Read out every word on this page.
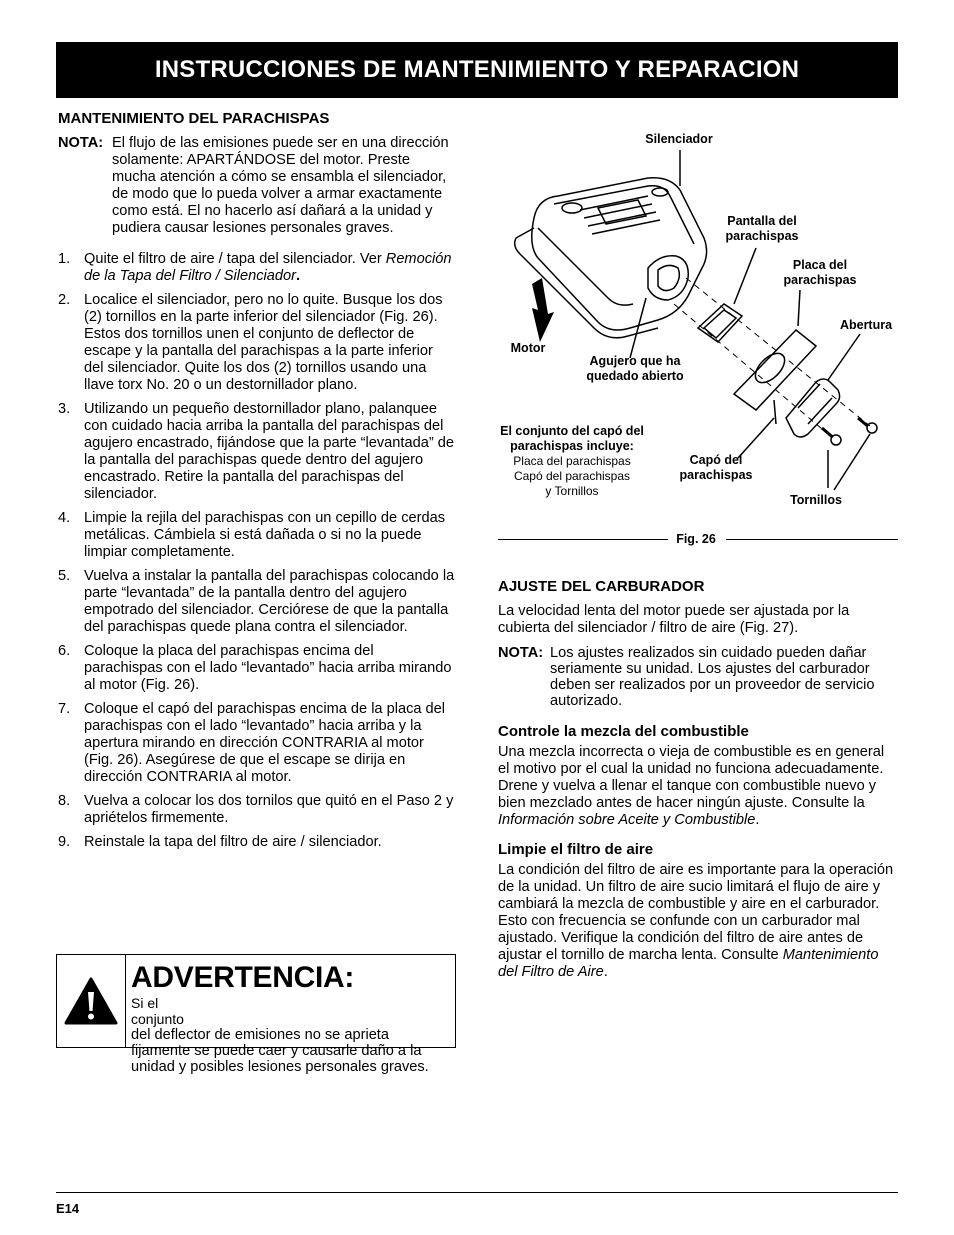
INSTRUCCIONES DE MANTENIMIENTO Y REPARACION
MANTENIMIENTO DEL PARACHISPAS
NOTA: El flujo de las emisiones puede ser en una dirección solamente: APARTÁNDOSE del motor. Preste mucha atención a cómo se ensambla el silenciador, de modo que lo pueda volver a armar exactamente como está. El no hacerlo así dañará a la unidad y pudiera causar lesiones personales graves.
1. Quite el filtro de aire / tapa del silenciador. Ver Remoción de la Tapa del Filtro / Silenciador.
2. Localice el silenciador, pero no lo quite. Busque los dos (2) tornillos en la parte inferior del silenciador (Fig. 26). Estos dos tornillos unen el conjunto de deflector de escape y la pantalla del parachispas a la parte inferior del silenciador. Quite los dos (2) tornillos usando una llave torx No. 20 o un destornillador plano.
3. Utilizando un pequeño destornillador plano, palanquee con cuidado hacia arriba la pantalla del parachispas del agujero encastrado, fijándose que la parte “levantada” de la pantalla del parachispas quede dentro del agujero encastrado. Retire la pantalla del parachispas del silenciador.
4. Limpie la rejila del parachispas con un cepillo de cerdas metálicas. Cámbiela si está dañada o si no la puede limpiar completamente.
5. Vuelva a instalar la pantalla del parachispas colocando la parte “levantada” de la pantalla dentro del agujero empotrado del silenciador. Cerciórese de que la pantalla del parachispas quede plana contra el silenciador.
6. Coloque la placa del parachispas encima del parachispas con el lado “levantado” hacia arriba mirando al motor (Fig. 26).
7. Coloque el capó del parachispas encima de la placa del parachispas con el lado “levantado” hacia arriba y la apertura mirando en dirección CONTRARIA al motor (Fig. 26). Asegúrese de que el escape se dirija en dirección CONTRARIA al motor.
8. Vuelva a colocar los dos tornilos que quitó en el Paso 2 y apriételos firmemente.
9. Reinstale la tapa del filtro de aire / silenciador.
ADVERTENCIA:
Si el conjunto
del deflector de emisiones no se aprieta fijamente se puede caer y causarle daño a la unidad y posibles lesiones personales graves.
Silenciador
Pantalla del parachispas
Placa del parachispas
Abertura
Motor
Agujero que ha quedado abierto
El conjunto del capó del parachispas incluye:
Placa del parachispas
Capó del parachispas
y Tornillos
Capó del parachispas
Tornillos
Fig. 26
AJUSTE DEL CARBURADOR

La velocidad lenta del motor puede ser ajustada por la cubierta del silenciador / filtro de aire (Fig. 27).

NOTA: Los ajustes realizados sin cuidado pueden dañar seriamente su unidad. Los ajustes del carburador deben ser realizados por un proveedor de servicio autorizado.
Controle la mezcla del combustible

Una mezcla incorrecta o vieja de combustible es en general el motivo por el cual la unidad no funciona adecuadamente. Drene y vuelva a llenar el tanque con combustible nuevo y bien mezclado antes de hacer ningún ajuste. Consulte la Información sobre Aceite y Combustible.

Limpie el filtro de aire

La condición del filtro de aire es importante para la operación de la unidad. Un filtro de aire sucio limitará el flujo de aire y cambiará la mezcla de combustible y aire en el carburador. Esto con frecuencia se confunde con un carburador mal ajustado. Verifique la condición del filtro de aire antes de ajustar el tornillo de marcha lenta. Consulte Mantenimiento del Filtro de Aire.

E14
